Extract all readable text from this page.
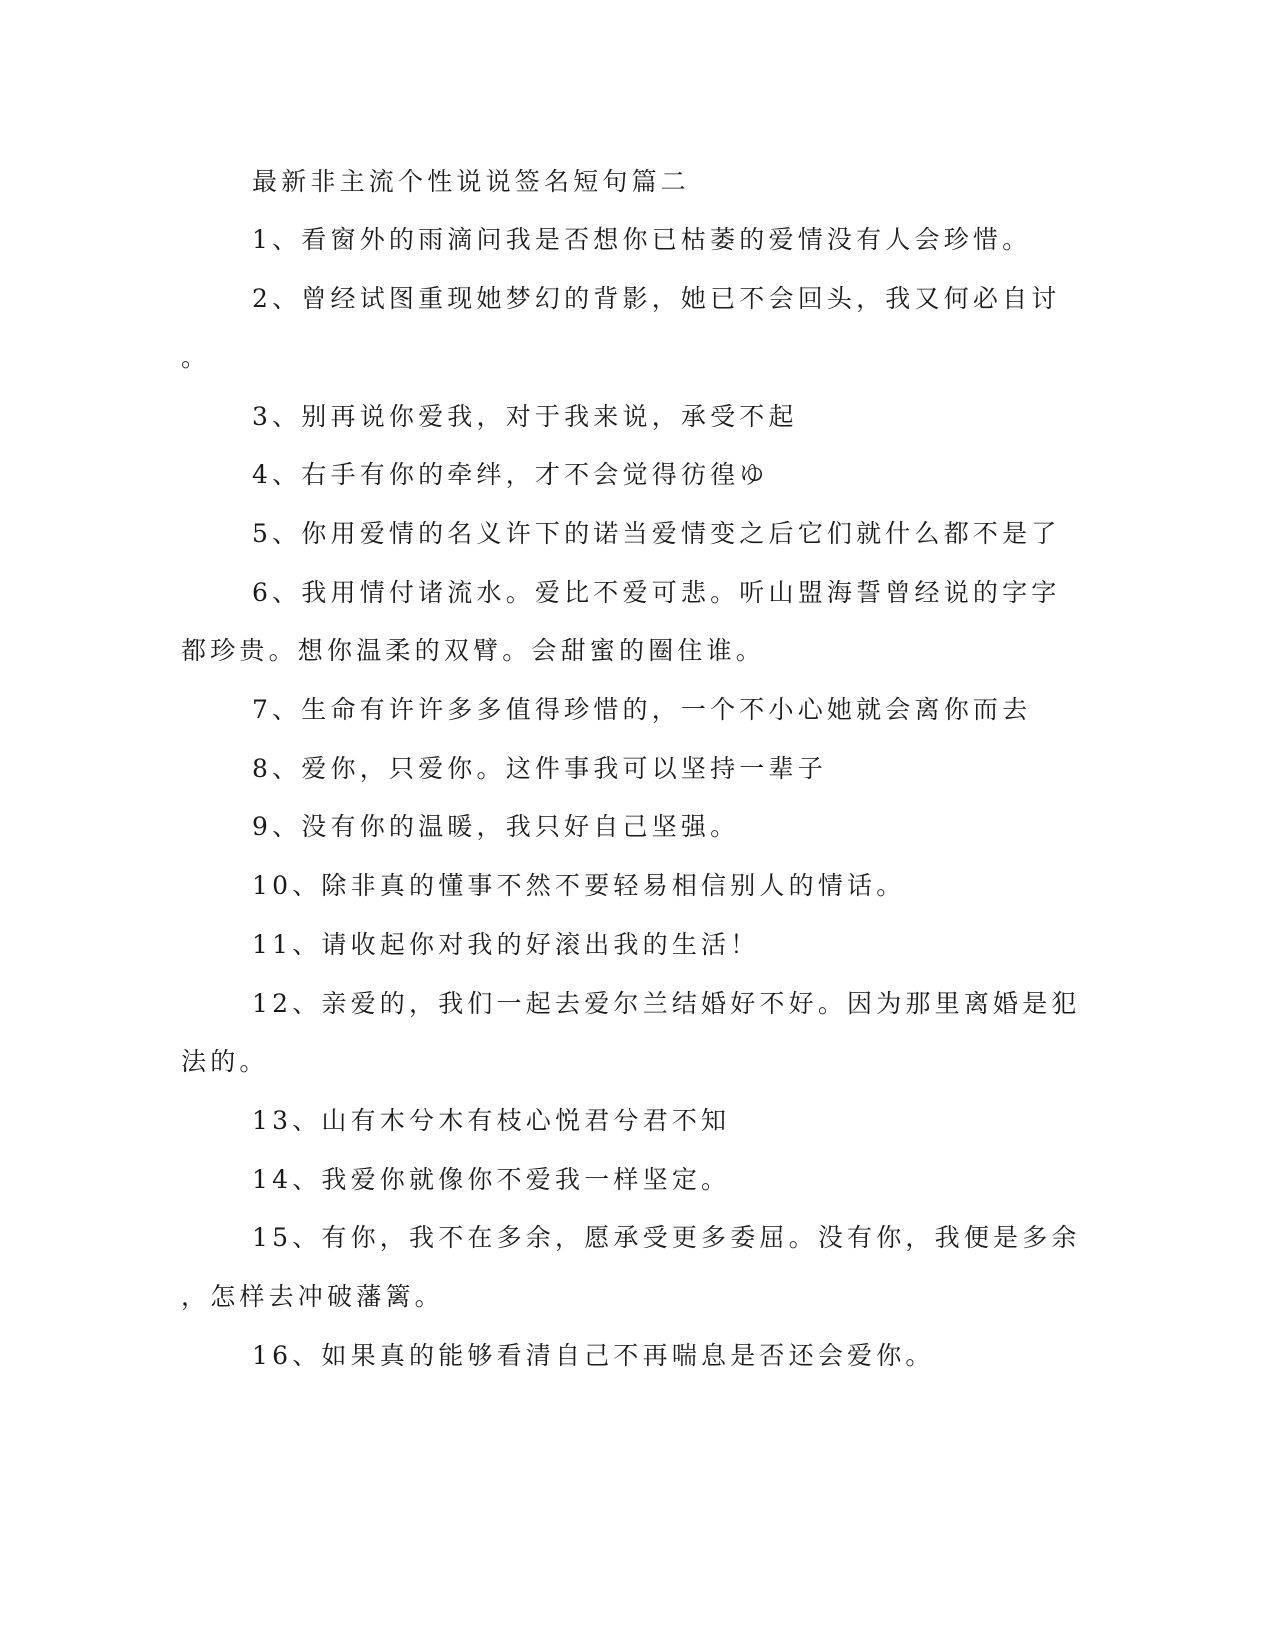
最新非主流个性说说签名短句篇二
1、看窗外的雨滴问我是否想你已枯萎的爱情没有人会珍惜。
2、曾经试图重现她梦幻的背影，她已不会回头，我又何必自讨
。
3、别再说你爱我，对于我来说，承受不起
4、右手有你的牵绊，才不会觉得彷徨ゆ
5、你用爱情的名义许下的诺当爱情变之后它们就什么都不是了
6、我用情付诸流水。爱比不爱可悲。听山盟海誓曾经说的字字
都珍贵。想你温柔的双臂。会甜蜜的圈住谁。
7、生命有许许多多值得珍惜的，一个不小心她就会离你而去
8、爱你，只爱你。这件事我可以坚持一辈子
9、没有你的温暖，我只好自己坚强。
10、除非真的懂事不然不要轻易相信别人的情话。
11、请收起你对我的好滚出我的生活！
12、亲爱的，我们一起去爱尔兰结婚好不好。因为那里离婚是犯
法的。
13、山有木兮木有枝心悦君兮君不知
14、我爱你就像你不爱我一样坚定。
15、有你，我不在多余，愿承受更多委屈。没有你，我便是多余
，怎样去冲破藩篱。
16、如果真的能够看清自己不再喘息是否还会爱你。
